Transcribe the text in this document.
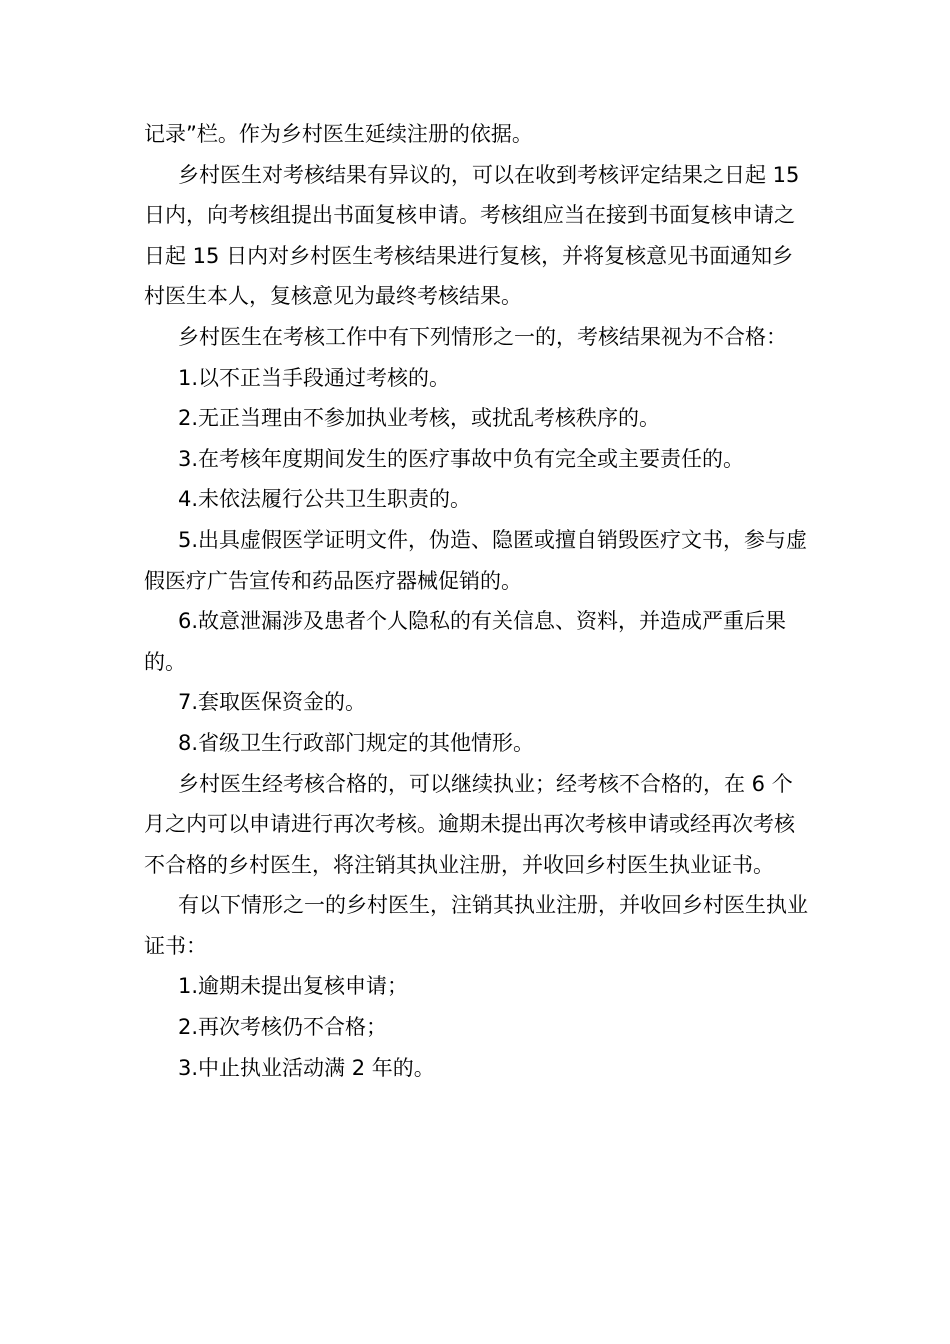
记录”栏。作为乡村医生延续注册的依据。

乡村医生对考核结果有异议的，可以在收到考核评定结果之日起 15 日内，向考核组提出书面复核申请。考核组应当在接到书面复核申请之日起 15 日内对乡村医生考核结果进行复核，并将复核意见书面通知乡村医生本人，复核意见为最终考核结果。

乡村医生在考核工作中有下列情形之一的，考核结果视为不合格：

1.以不正当手段通过考核的。

2.无正当理由不参加执业考核，或扰乱考核秩序的。

3.在考核年度期间发生的医疗事故中负有完全或主要责任的。

4.未依法履行公共卫生职责的。

5.出具虚假医学证明文件，伪造、隐匿或擅自销毁医疗文书，参与虚假医疗广告宣传和药品医疗器械促销的。

6.故意泄漏涉及患者个人隐私的有关信息、资料，并造成严重后果的。

7.套取医保资金的。

8.省级卫生行政部门规定的其他情形。

乡村医生经考核合格的，可以继续执业；经考核不合格的，在 6 个月之内可以申请进行再次考核。逾期未提出再次考核申请或经再次考核不合格的乡村医生，将注销其执业注册，并收回乡村医生执业证书。

有以下情形之一的乡村医生，注销其执业注册，并收回乡村医生执业证书：

1.逾期未提出复核申请；

2.再次考核仍不合格；

3.中止执业活动满 2 年的。
